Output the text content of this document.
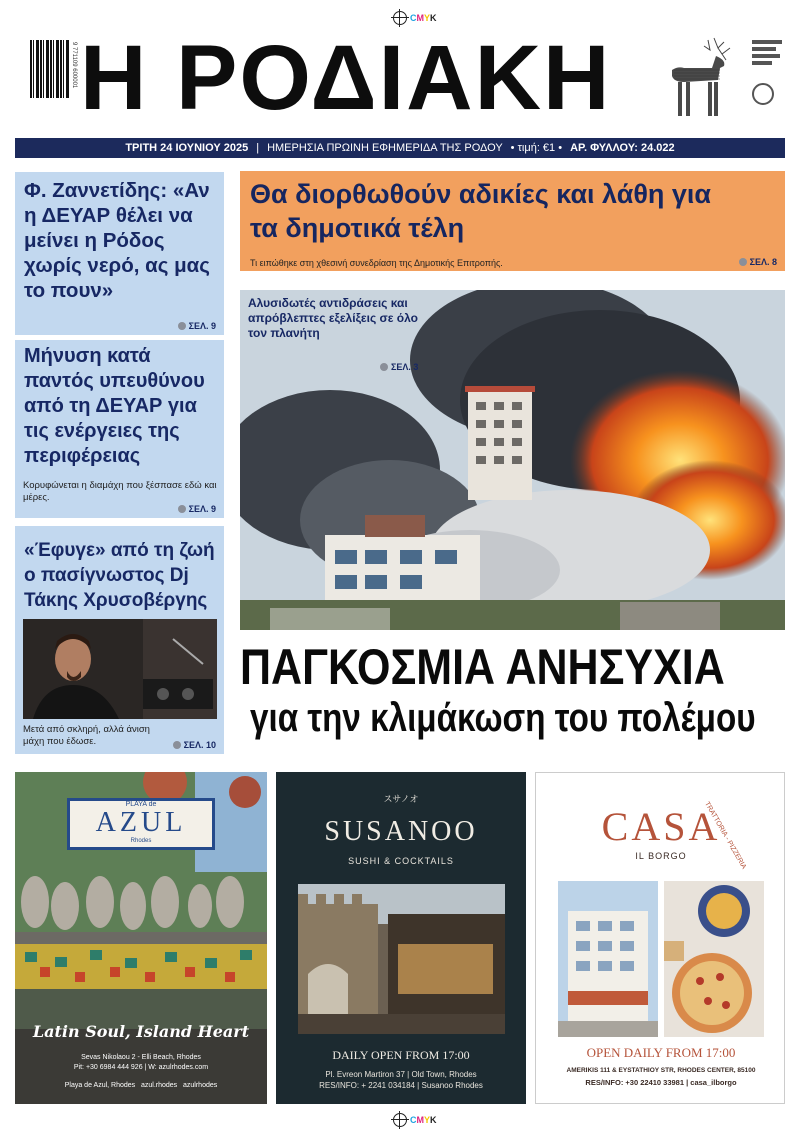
CMYK
9 771109 600001 Η ΡΟΔΙΑΚΗ
ΤΡΙΤΗ 24 ΙΟΥΝΙΟΥ 2025 | ΗΜΕΡΗΣΙΑ ΠΡΩΙΝΗ ΕΦΗΜΕΡΙΔΑ ΤΗΣ ΡΟΔΟΥ • τιμή: €1 • ΑΡ. ΦΥΛΛΟΥ: 24.022
Φ. Ζαννετίδης: «Αν η ΔΕΥΑΡ θέλει να μείνει η Ρόδος χωρίς νερό, ας μας το πουν»
ΣΕΛ. 9
Μήνυση κατά παντός υπευθύνου από τη ΔΕΥΑΡ για τις ενέργειες της περιφέρειας
Κορυφώνεται η διαμάχη που ξέσπασε εδώ και μέρες.
ΣΕΛ. 9
«Έφυγε» από τη ζωή ο πασίγνωστος Dj Τάκης Χρυσοβέργης
Μετά από σκληρή, αλλά άνιση μάχη που έδωσε.	ΣΕΛ. 10
Θα διορθωθούν αδικίες και λάθη για τα δημοτικά τέλη
Τι ειπώθηκε στη χθεσινή συνεδρίαση της Δημοτικής Επιτροπής.	ΣΕΛ. 8
Αλυσιδωτές αντιδράσεις και απρόβλεπτες εξελίξεις σε όλο τον πλανήτη
ΣΕΛ. 3
ΠΑΓΚΟΣΜΙΑ ΑΝΗΣΥΧΙΑ
για την κλιμάκωση του πολέμου
PLAYA de
AZUL
Rhodes
Latin Soul, Island Heart
Sevas Nikolaou 2 - Elli Beach, Rhodes
Pit: +30 6984 444 926 | W: azulrhodes.com
Playa de Azul, Rhodes   azul.rhodes   azulrhodes
スサノオ
SUSANOO
SUSHI & COCKTAILS
DAILY OPEN FROM 17:00
Pl. Evreon Martiron 37 | Old Town, Rhodes
RES/INFO: + 2241 034184 | Susanoo Rhodes
TRATTORIA - PIZZERIA
CASA
IL BORGO
OPEN DAILY FROM 17:00
AMERIKIS 111 & EYSTATHIOY STR, RHODES CENTER, 85100
RES/INFO: +30 22410 33981 | casa_ilborgo
CMYK
